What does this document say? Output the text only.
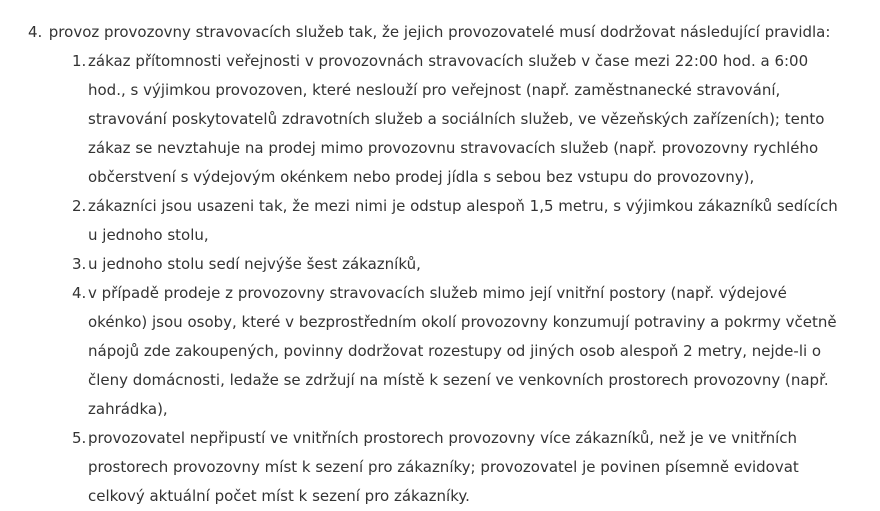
4. provoz provozovny stravovacích služeb tak, že jejich provozovatelé musí dodržovat následující pravidla:
1. zákaz přítomnosti veřejnosti v provozovnách stravovacích služeb v čase mezi 22:00 hod. a 6:00 hod., s výjimkou provozoven, které neslouží pro veřejnost (např. zaměstnanecké stravování, stravování poskytovatelů zdravotních služeb a sociálních služeb, ve vězeňských zařízeních); tento zákaz se nevztahuje na prodej mimo provozovnu stravovacích služeb (např. provozovny rychlého občerstvení s výdejovým okénkem nebo prodej jídla s sebou bez vstupu do provozovny),
2. zákazníci jsou usazeni tak, že mezi nimi je odstup alespoň 1,5 metru, s výjimkou zákazníků sedících u jednoho stolu,
3. u jednoho stolu sedí nejvýše šest zákazníků,
4. v případě prodeje z provozovny stravovacích služeb mimo její vnitřní postory (např. výdejové okénko) jsou osoby, které v bezprostředním okolí provozovny konzumují potraviny a pokrmy včetně nápojů zde zakoupených, povinny dodržovat rozestupy od jiných osob alespoň 2 metry, nejde-li o členy domácnosti, ledaže se zdržují na místě k sezení ve venkovních prostorech provozovny (např. zahrádka),
5. provozovatel nepřipustí ve vnitřních prostorech provozovny více zákazníků, než je ve vnitřních prostorech provozovny míst k sezení pro zákazníky; provozovatel je povinen písemně evidovat celkový aktuální počet míst k sezení pro zákazníky.
